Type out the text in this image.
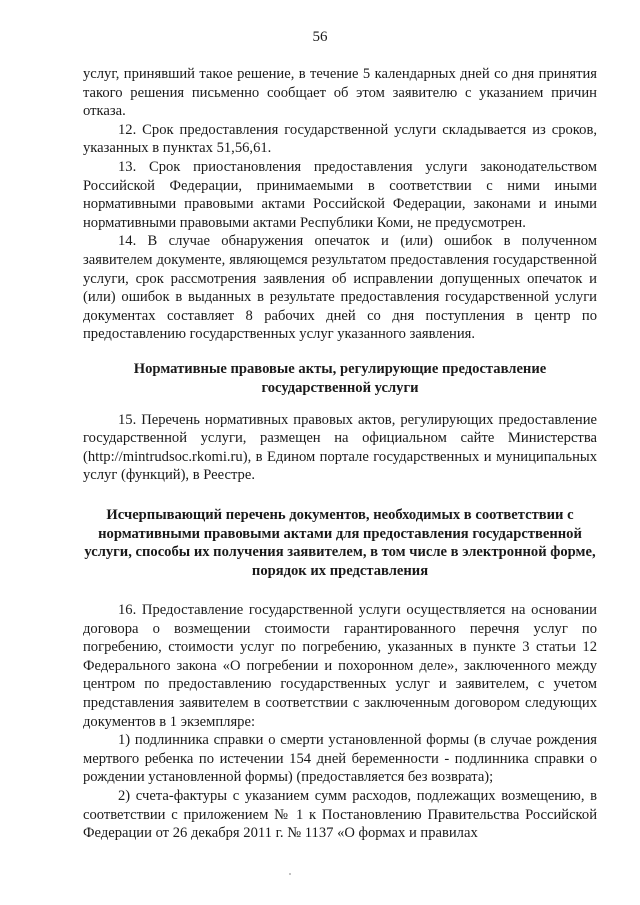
56

услуг, принявший такое решение, в течение 5 календарных дней со дня принятия такого решения письменно сообщает об этом заявителю с указанием причин отказа.

12. Срок предоставления государственной услуги складывается из сроков, указанных в пунктах 51,56,61.

13. Срок приостановления предоставления услуги законодательством Российской Федерации, принимаемыми в соответствии с ними иными нормативными правовыми актами Российской Федерации, законами и иными нормативными правовыми актами Республики Коми, не предусмотрен.

14. В случае обнаружения опечаток и (или) ошибок в полученном заявителем документе, являющемся результатом предоставления государственной услуги, срок рассмотрения заявления об исправлении допущенных опечаток и (или) ошибок в выданных в результате предоставления государственной услуги документах составляет 8 рабочих дней со дня поступления в центр по предоставлению государственных услуг указанного заявления.

Нормативные правовые акты, регулирующие предоставление государственной услуги

15. Перечень нормативных правовых актов, регулирующих предоставление государственной услуги, размещен на официальном сайте Министерства (http://mintrudsoc.rkomi.ru), в Едином портале государственных и муниципальных услуг (функций), в Реестре.

Исчерпывающий перечень документов, необходимых в соответствии с нормативными правовыми актами для предоставления государственной услуги, способы их получения заявителем, в том числе в электронной форме, порядок их представления

16. Предоставление государственной услуги осуществляется на основании договора о возмещении стоимости гарантированного перечня услуг по погребению, стоимости услуг по погребению, указанных в пункте 3 статьи 12 Федерального закона «О погребении и похоронном деле», заключенного между центром по предоставлению государственных услуг и заявителем, с учетом представления заявителем в соответствии с заключенным договором следующих документов в 1 экземпляре:

1) подлинника справки о смерти установленной формы (в случае рождения мертвого ребенка по истечении 154 дней беременности - подлинника справки о рождении установленной формы) (предоставляется без возврата);

2) счета-фактуры с указанием сумм расходов, подлежащих возмещению, в соответствии с приложением № 1 к Постановлению Правительства Российской Федерации от 26 декабря 2011 г. № 1137 «О формах и правилах
